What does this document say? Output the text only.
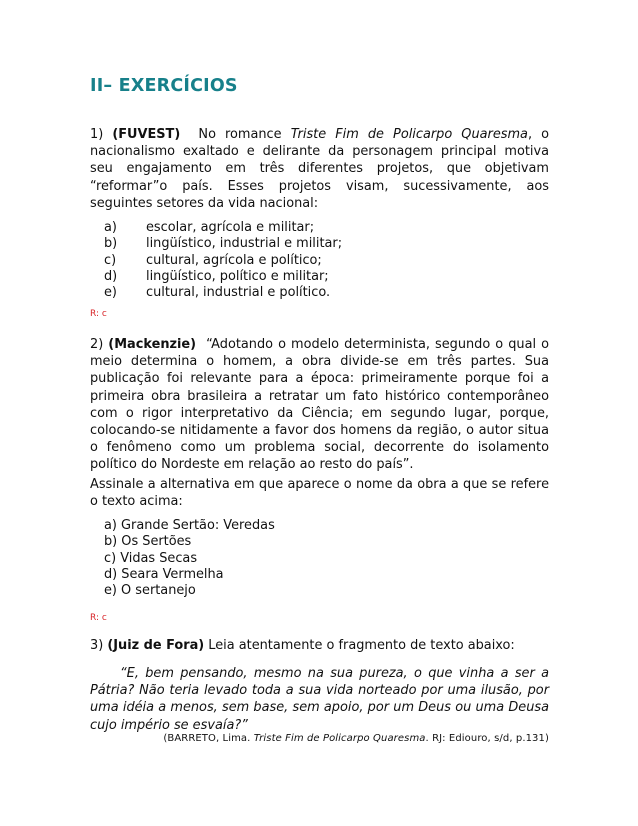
II– EXERCÍCIOS
1) (FUVEST) No romance Triste Fim de Policarpo Quaresma, o nacionalismo exaltado e delirante da personagem principal motiva seu engajamento em três diferentes projetos, que objetivam “reformar”o país. Esses projetos visam, sucessivamente, aos seguintes setores da vida nacional:
a)	escolar, agrícola e militar;
b)	lingüístico, industrial e militar;
c)	cultural, agrícola e político;
d)	lingüístico, político e militar;
e)	cultural, industrial e político.
R: c
2) (Mackenzie) “Adotando o modelo determinista, segundo o qual o meio determina o homem, a obra divide-se em três partes. Sua publicação foi relevante para a época: primeiramente porque foi a primeira obra brasileira a retratar um fato histórico contemporâneo com o rigor interpretativo da Ciência; em segundo lugar, porque, colocando-se nitidamente a favor dos homens da região, o autor situa o fenômeno como um problema social, decorrente do isolamento político do Nordeste em relação ao resto do país”.
Assinale a alternativa em que aparece o nome da obra a que se refere o texto acima:
a) Grande Sertão: Veredas
b) Os Sertões
c) Vidas Secas
d) Seara Vermelha
e) O sertanejo
R: c
3) (Juiz de Fora) Leia atentamente o fragmento de texto abaixo:
“E, bem pensando, mesmo na sua pureza, o que vinha a ser a Pátria? Não teria levado toda a sua vida norteado por uma ilusão, por uma idéia a menos, sem base, sem apoio, por um Deus ou uma Deusa cujo império se esvaía?”
(BARRETO, Lima. Triste Fim de Policarpo Quaresma. RJ: Ediouro, s/d, p.131)
